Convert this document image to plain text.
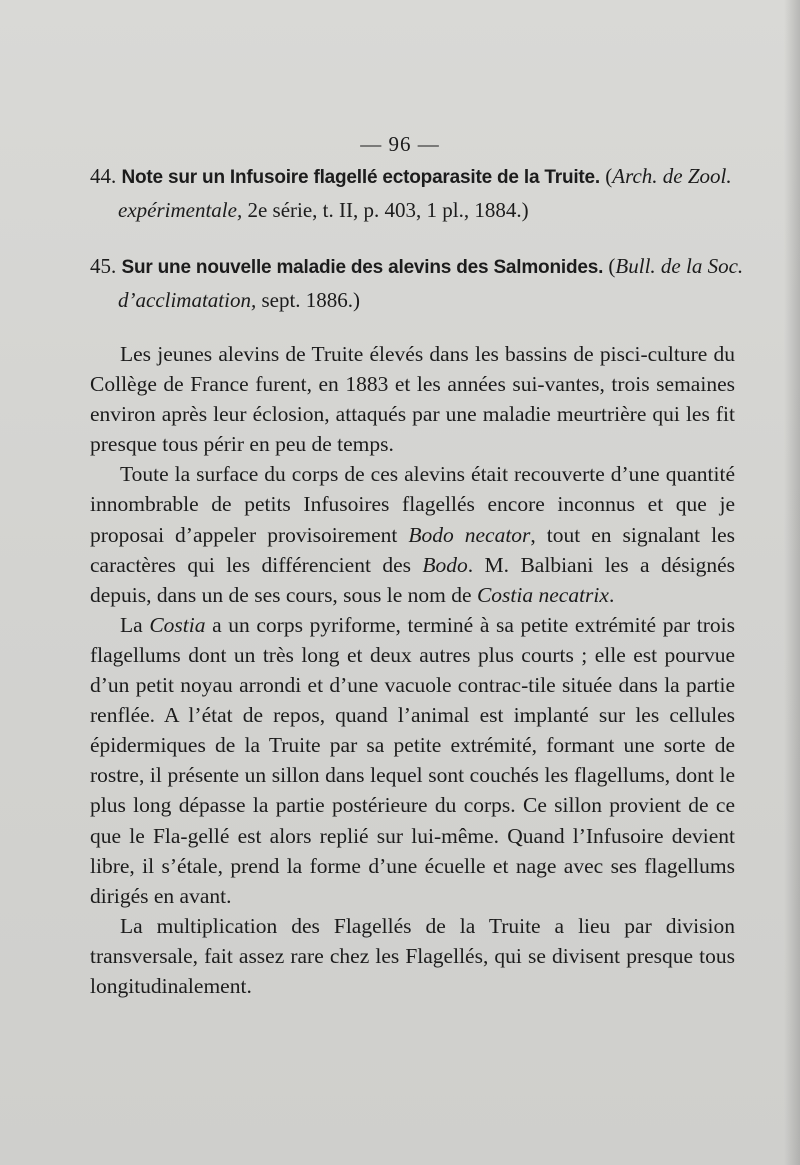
— 96 —
44. Note sur un Infusoire flagellé ectoparasite de la Truite. (Arch. de Zool. expérimentale, 2e série, t. II, p. 403, 1 pl., 1884.)
45. Sur une nouvelle maladie des alevins des Salmonides. (Bull. de la Soc. d’acclimatation, sept. 1886.)

Les jeunes alevins de Truite élevés dans les bassins de pisci-culture du Collège de France furent, en 1883 et les années sui-vantes, trois semaines environ après leur éclosion, attaqués par une maladie meurtrière qui les fit presque tous périr en peu de temps.

Toute la surface du corps de ces alevins était recouverte d’une quantité innombrable de petits Infusoires flagellés encore inconnus et que je proposai d’appeler provisoirement Bodo necator, tout en signalant les caractères qui les différencient des Bodo. M. Balbiani les a désignés depuis, dans un de ses cours, sous le nom de Costia necatrix.

La Costia a un corps pyriforme, terminé à sa petite extrémité par trois flagellums dont un très long et deux autres plus courts ; elle est pourvue d’un petit noyau arrondi et d’une vacuole contrac-tile située dans la partie renflée. A l’état de repos, quand l’animal est implanté sur les cellules épidermiques de la Truite par sa petite extrémité, formant une sorte de rostre, il présente un sillon dans lequel sont couchés les flagellums, dont le plus long dépasse la partie postérieure du corps. Ce sillon provient de ce que le Fla-gellé est alors replié sur lui-même. Quand l’Infusoire devient libre, il s’étale, prend la forme d’une écuelle et nage avec ses flagellums dirigés en avant.

La multiplication des Flagellés de la Truite a lieu par division transversale, fait assez rare chez les Flagellés, qui se divisent presque tous longitudinalement.
